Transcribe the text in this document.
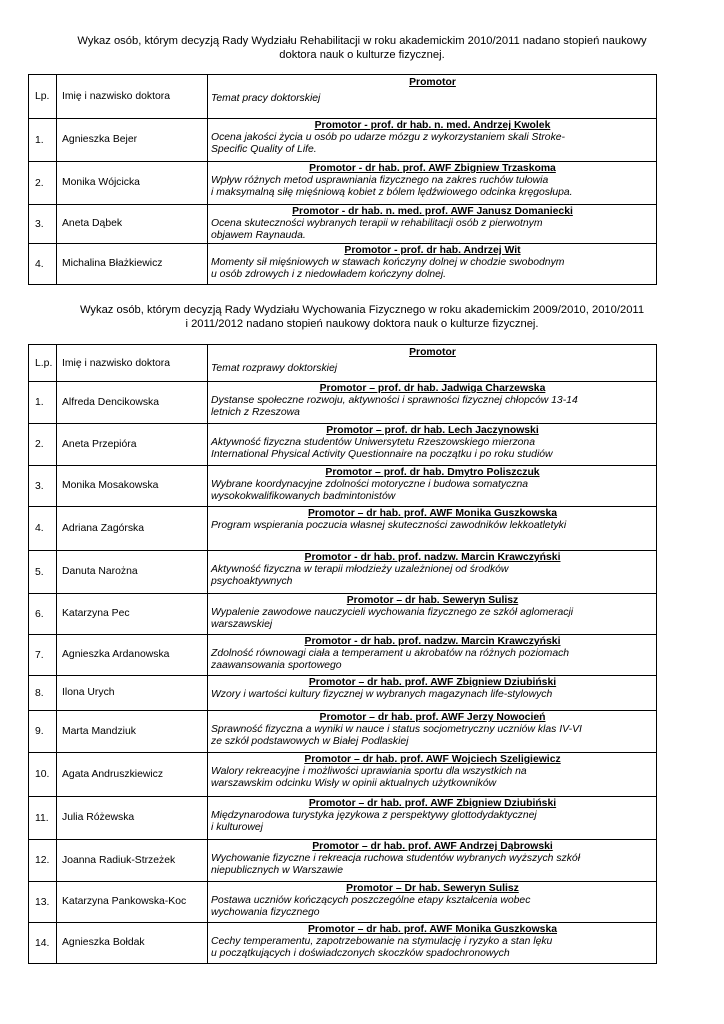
Wykaz osób, którym decyzją Rady Wydziału Rehabilitacji w roku akademickim 2010/2011 nadano stopień naukowy
doktora nauk o kulturze fizycznej.
Lp.	Imię i nazwisko doktora	Promotor
Temat pracy doktorskiej

1.	Agnieszka Bejer	Promotor - prof. dr hab. n. med. Andrzej Kwolek
Ocena jakości życia u osób po udarze mózgu z wykorzystaniem skali Stroke-
Specific Quality of Life.

2.	Monika Wójcicka	Promotor - dr hab. prof. AWF Zbigniew Trzaskoma
Wpływ różnych metod usprawniania fizycznego na zakres ruchów tułowia
i maksymalną siłę mięśniową kobiet z bólem lędźwiowego odcinka kręgosłupa.

3.	Aneta Dąbek	Promotor - dr hab. n. med. prof. AWF Janusz Domaniecki
Ocena skuteczności wybranych terapii w rehabilitacji osób z pierwotnym
objawem Raynauda.

4.	Michalina Błażkiewicz	Promotor - prof. dr hab. Andrzej Wit
Momenty sił mięśniowych w stawach kończyny dolnej w chodzie swobodnym
u osób zdrowych i z niedowładem kończyny dolnej.
Wykaz osób, którym decyzją Rady Wydziału Wychowania Fizycznego w roku akademickim 2009/2010, 2010/2011
i 2011/2012 nadano stopień naukowy doktora nauk o kulturze fizycznej.
L.p.	Imię i nazwisko doktora	Promotor
Temat rozprawy doktorskiej

1.	Alfreda Dencikowska	Promotor – prof. dr hab. Jadwiga Charzewska
Dystanse społeczne rozwoju, aktywności i sprawności fizycznej chłopców 13-14
letnich z Rzeszowa

2.	Aneta Przepióra	Promotor – prof. dr hab. Lech Jaczynowski
Aktywność fizyczna studentów Uniwersytetu Rzeszowskiego mierzona
International Physical Activity Questionnaire na początku i po roku studiów

3.	Monika Mosakowska	Promotor – prof. dr hab. Dmytro Poliszczuk
Wybrane koordynacyjne zdolności motoryczne i budowa somatyczna
wysokokwalifikowanych badmintonistów

4.	Adriana Zagórska	Promotor – dr hab. prof. AWF Monika Guszkowska
Program wspierania poczucia własnej skuteczności zawodników lekkoatletyki

5.	Danuta Narożna	Promotor - dr hab. prof. nadzw. Marcin Krawczyński
Aktywność fizyczna w terapii młodzieży uzależnionej od środków
psychoaktywnych

6.	Katarzyna Pec	Promotor – dr hab. Seweryn Sulisz
Wypalenie zawodowe nauczycieli wychowania fizycznego ze szkół aglomeracji
warszawskiej

7.	Agnieszka Ardanowska	Promotor - dr hab. prof. nadzw. Marcin Krawczyński
Zdolność równowagi ciała a temperament u akrobatów na różnych poziomach
zaawansowania sportowego

8.	Ilona Urych	Promotor – dr hab. prof. AWF Zbigniew Dziubiński
Wzory i wartości kultury fizycznej w wybranych magazynach life-stylowych

9.	Marta Mandziuk	Promotor – dr hab. prof. AWF Jerzy Nowocień
Sprawność fizyczna a wyniki w nauce i status socjometryczny uczniów klas IV-VI
ze szkół podstawowych w Białej Podlaskiej

10.	Agata Andruszkiewicz	Promotor – dr hab. prof. AWF Wojciech Szeligiewicz
Walory rekreacyjne i możliwości uprawiania sportu dla wszystkich na
warszawskim odcinku Wisły w opinii aktualnych użytkowników

11.	Julia Różewska	Promotor – dr hab. prof. AWF Zbigniew Dziubiński
Międzynarodowa turystyka językowa z perspektywy glottodydaktycznej
i kulturowej

12.	Joanna Radiuk-Strzeżek	Promotor – dr hab. prof. AWF Andrzej Dąbrowski
Wychowanie fizyczne i rekreacja ruchowa studentów wybranych wyższych szkół
niepublicznych w Warszawie

13.	Katarzyna Pankowska-Koc	Promotor – Dr hab. Seweryn Sulisz
Postawa uczniów kończących poszczególne etapy kształcenia wobec
wychowania fizycznego

14.	Agnieszka Bołdak	Promotor – dr hab. prof. AWF Monika Guszkowska
Cechy temperamentu, zapotrzebowanie na stymulację i ryzyko a stan lęku
u początkujących i doświadczonych skoczków spadochronowych
